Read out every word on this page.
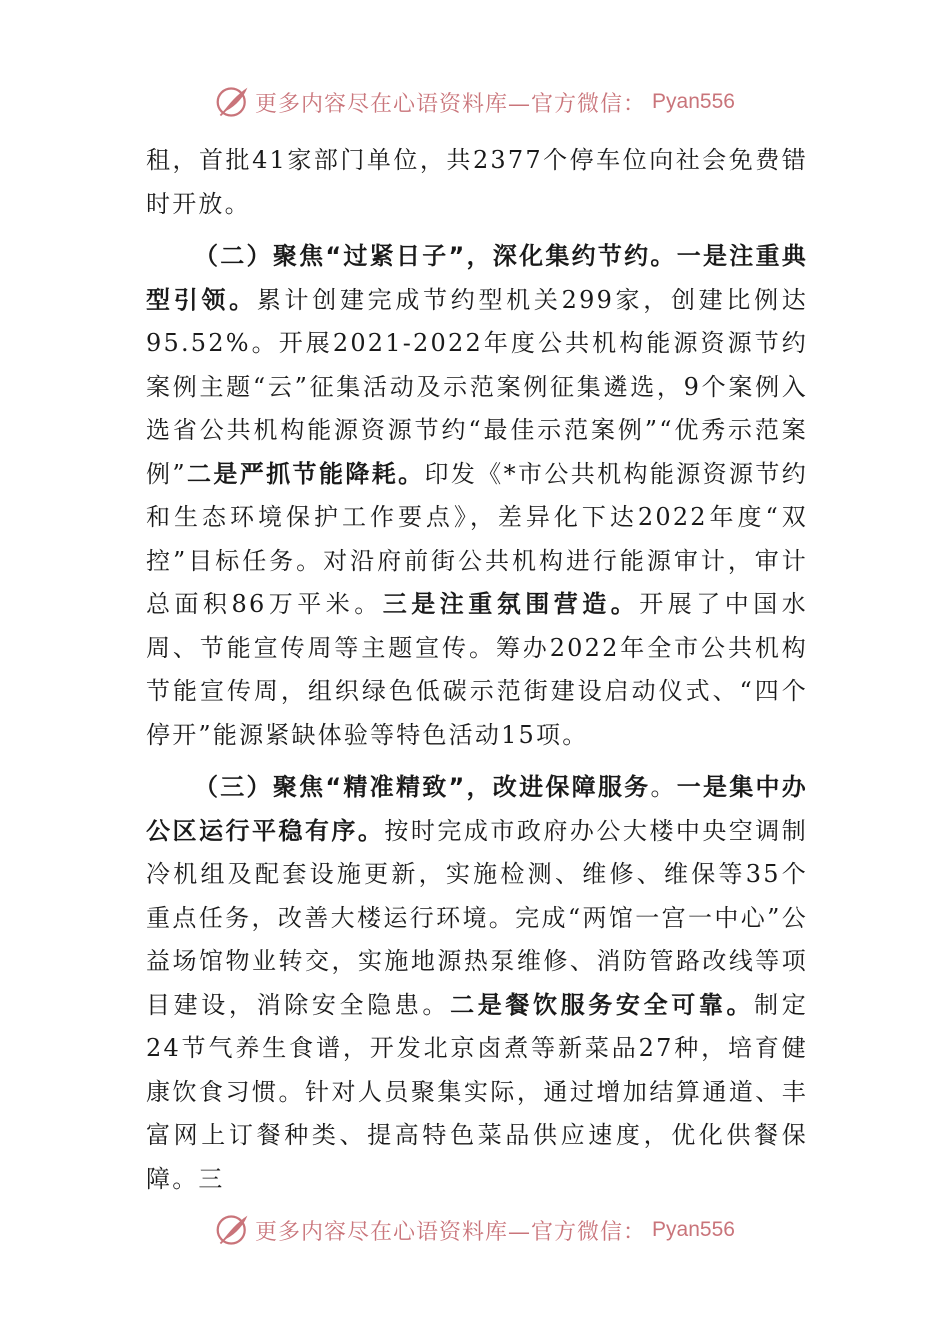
更多内容尽在心语资料库—官方微信： Pyan556

租，首批41家部门单位，共2377个停车位向社会免费错时开放。

（二）聚焦“过紧日子”，深化集约节约。一是注重典型引领。累计创建完成节约型机关299家，创建比例达95.52%。开展2021-2022年度公共机构能源资源节约案例主题“云”征集活动及示范案例征集遴选，9个案例入选省公共机构能源资源节约“最佳示范案例”“优秀示范案例”二是严抓节能降耗。印发《*市公共机构能源资源节约和生态环境保护工作要点》，差异化下达2022年度“双控”目标任务。对沿府前街公共机构进行能源审计，审计总面积86万平米。三是注重氛围营造。开展了中国水周、节能宣传周等主题宣传。筹办2022年全市公共机构节能宣传周，组织绿色低碳示范街建设启动仪式、“四个停开”能源紧缺体验等特色活动15项。

（三）聚焦“精准精致”，改进保障服务。一是集中办公区运行平稳有序。按时完成市政府办公大楼中央空调制冷机组及配套设施更新，实施检测、维修、维保等35个重点任务，改善大楼运行环境。完成“两馆一宫一中心”公益场馆物业转交，实施地源热泵维修、消防管路改线等项目建设，消除安全隐患。二是餐饮服务安全可靠。制定24节气养生食谱，开发北京卤煮等新菜品27种，培育健康饮食习惯。针对人员聚集实际，通过增加结算通道、丰富网上订餐种类、提高特色菜品供应速度，优化供餐保障。三

更多内容尽在心语资料库—官方微信： Pyan556
